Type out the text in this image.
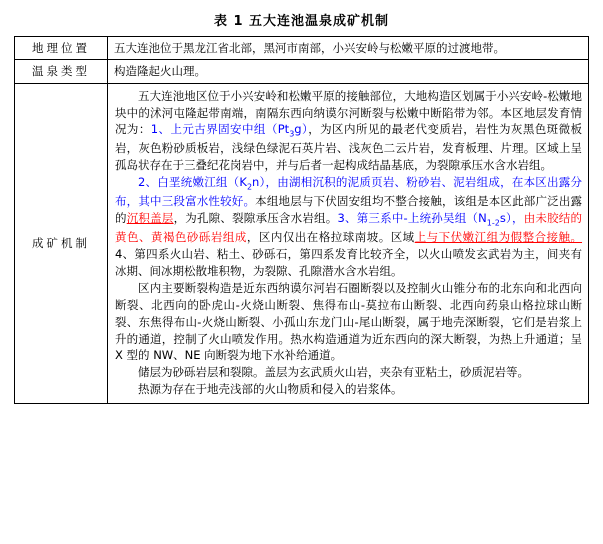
表 1 五大连池温泉成矿机制
地理位置	五大连池位于黑龙江省北部，黑河市南部，小兴安岭与松嫩平原的过渡地带。
温泉类型	构造隆起火山理。
成矿机制	五大连池地区位于小兴安岭和松嫩平原的接触部位，大地构造区划属于小兴安岭-松嫩地块中的沭河屯隆起带南端，南隔东西向纳谟尔河断裂与松嫩中断陷带为邻。本区地层发育情况为：1、上元古界固安中组$(Pt_3g)$，为区内所见的最老代变质岩，岩性为灰黑色斑微板岩，灰色粉砂质板岩，浅绿色绿泥石英片岩、浅灰色二云片岩，发育板理、片理。区域上呈孤岛状存在于三叠纪花岗岩中，并与后者一起构成结晶基底，为裂隙承压水含水岩组。

2、白垩统嫩江组$(K_2n)$，由湖相沉积的泥质页岩、粉砂岩、泥岩组成，在本区出露分布，其中三段富水性较好。本组地层与下伏固安组均不整合接触，该组是本区此部广泛出露的沉积盖层，为孔隙、裂隙承压含水岩组。3、第三系中-上统孙吴组$(N_{1-2}s)$，由未胶结的黄色、黄褐色砂砾岩组成，区内仅出在格拉球南坡。区域上与下伏嫩江组为假整合接触。4、第四系火山岩、粘土、砂砾石，第四系发育比较齐全，以火山喷发玄武岩为主，间夹有冰期、间冰期松散堆积物，为裂隙、孔隙潜水含水岩组。

区内主要断裂构造是近东西纳谟尔河岩石圈断裂以及控制火山锥分布的北东向和北西向断裂、北西向的卧虎山-火烧山断裂、焦得布山-莫拉布山断裂、北西向药泉山格拉球山断裂、东焦得布山-火烧山断裂、小孤山东龙门山-尾山断裂，属于地壳深断裂，它们是岩浆上升的通道，控制了火山喷发作用。热水构造通道为近东西向的深大断裂，为热上升通道；呈 X 型的 NW、NE 向断裂为地下水补给通道。

储层为砂砾岩层和裂隙。盖层为玄武质火山岩，夹杂有亚粘土，砂质泥岩等。

热源为存在于地壳浅部的火山物质和侵入的岩浆体。
